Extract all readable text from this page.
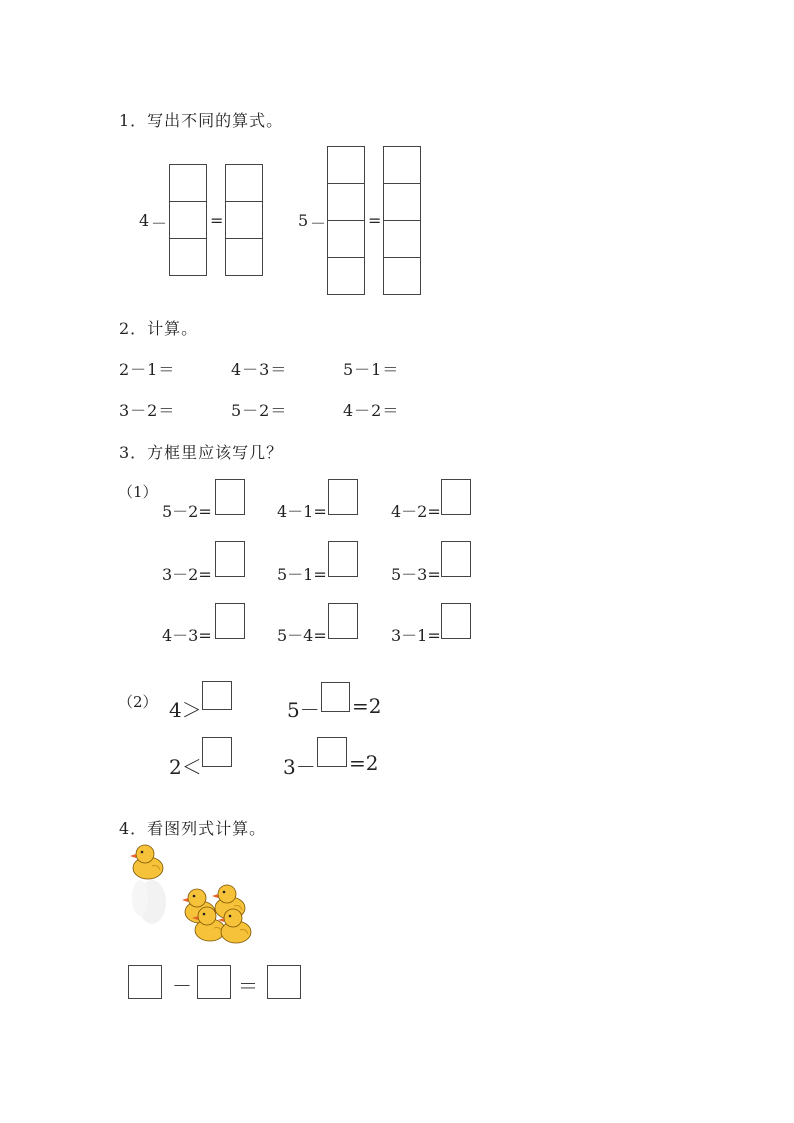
1．写出不同的算式。
4 －	=	5 －	=
2．计算。
2－1＝	4－3＝	5－1＝
3－2＝	5－2＝	4－2＝
3．方框里应该写几？
（1）
5－2=	4－1=	4－2=
3－2=	5－1=	5－3=
4－3=	5－4=	3－1=
（2） 4＞	5－ =2
2＜	3－ =2
4．看图列式计算。
－ ＝
